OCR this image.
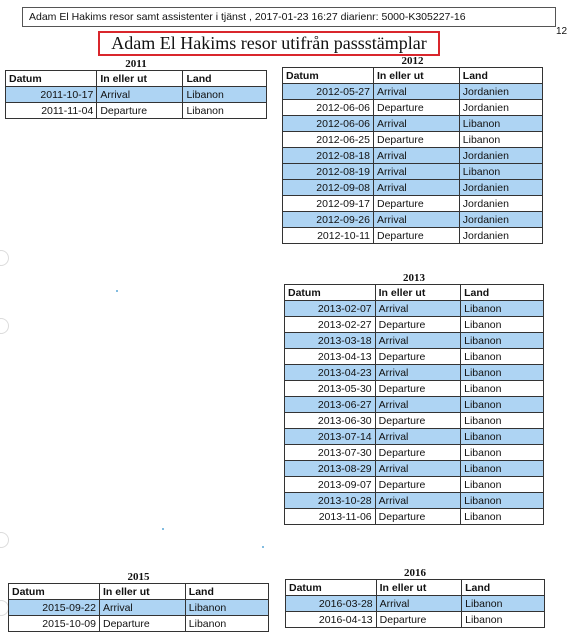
Adam El Hakims resor samt assistenter i tjänst , 2017-01-23 16:27 diarienr: 5000-K305227-16
12
Adam El Hakims resor utifrån passstämplar
2011
Datum	In eller ut	Land
2011-10-17	Arrival	Libanon
2011-11-04	Departure	Libanon
2012
Datum	In eller ut	Land
2012-05-27	Arrival	Jordanien
2012-06-06	Departure	Jordanien
2012-06-06	Arrival	Libanon
2012-06-25	Departure	Libanon
2012-08-18	Arrival	Jordanien
2012-08-19	Arrival	Libanon
2012-09-08	Arrival	Jordanien
2012-09-17	Departure	Jordanien
2012-09-26	Arrival	Jordanien
2012-10-11	Departure	Jordanien
2013
Datum	In eller ut	Land
2013-02-07	Arrival	Libanon
2013-02-27	Departure	Libanon
2013-03-18	Arrival	Libanon
2013-04-13	Departure	Libanon
2013-04-23	Arrival	Libanon
2013-05-30	Departure	Libanon
2013-06-27	Arrival	Libanon
2013-06-30	Departure	Libanon
2013-07-14	Arrival	Libanon
2013-07-30	Departure	Libanon
2013-08-29	Arrival	Libanon
2013-09-07	Departure	Libanon
2013-10-28	Arrival	Libanon
2013-11-06	Departure	Libanon
2015
Datum	In eller ut	Land
2015-09-22	Arrival	Libanon
2015-10-09	Departure	Libanon
2016
Datum	In eller ut	Land
2016-03-28	Arrival	Libanon
2016-04-13	Departure	Libanon
